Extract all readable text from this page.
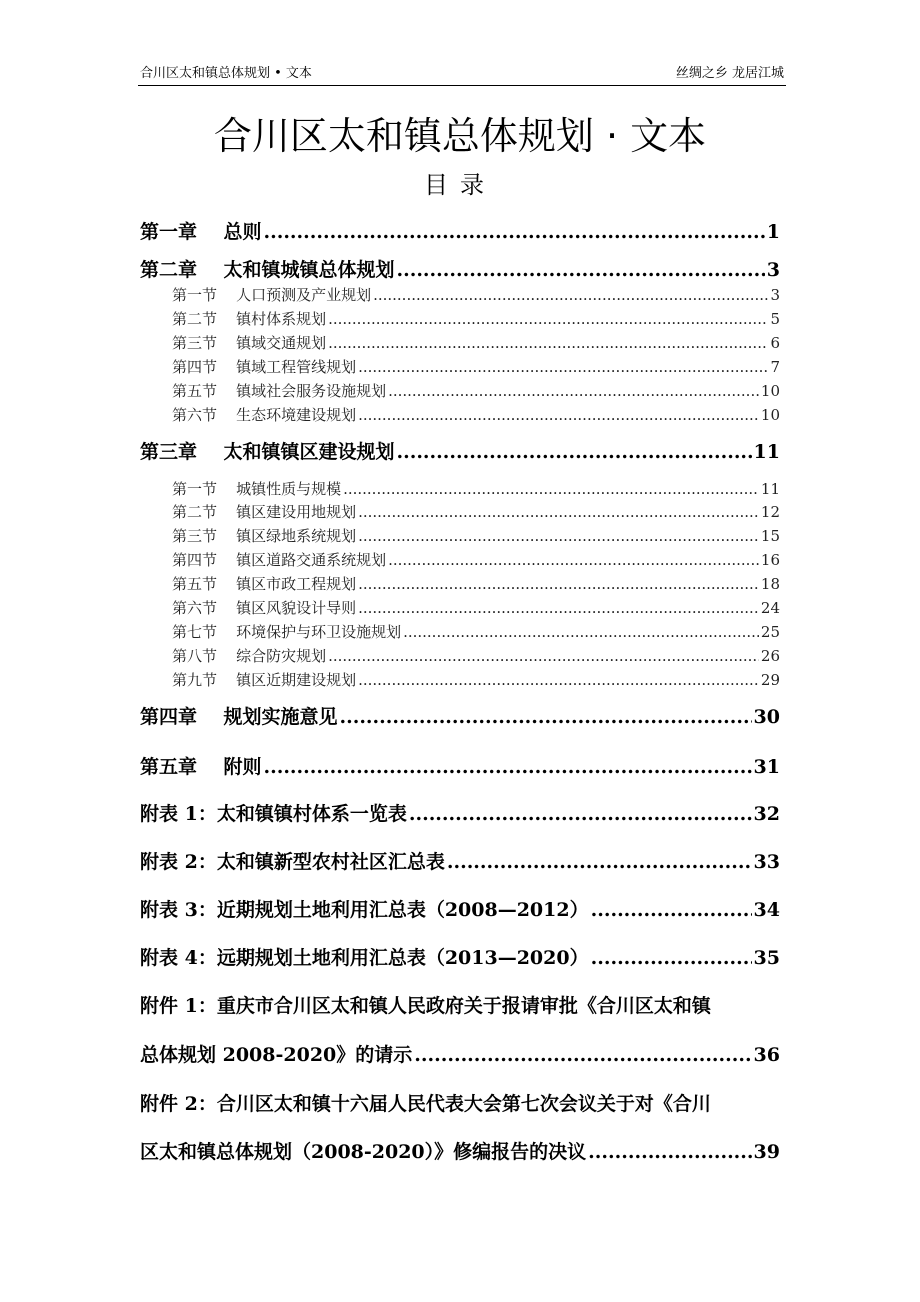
合川区太和镇总体规划 • 文本	丝绸之乡 龙居江城
合川区太和镇总体规划 · 文本
目录
第一章    总则 .....	1
第二章    太和镇城镇总体规划 .....	3
第一节    人口预测及产业规划 .....	3
第二节    镇村体系规划 .....	5
第三节    镇域交通规划 .....	6
第四节    镇域工程管线规划 .....	7
第五节    镇域社会服务设施规划 .....	10
第六节    生态环境建设规划 .....	10
第三章    太和镇镇区建设规划 .....	11
第一节    城镇性质与规模 .....	11
第二节    镇区建设用地规划 .....	12
第三节    镇区绿地系统规划 .....	15
第四节    镇区道路交通系统规划 .....	16
第五节    镇区市政工程规划 .....	18
第六节    镇区风貌设计导则 .....	24
第七节    环境保护与环卫设施规划 .....	25
第八节    综合防灾规划 .....	26
第九节    镇区近期建设规划 .....	29
第四章    规划实施意见 .....	30
第五章    附则 .....	31
附表 1：太和镇镇村体系一览表 .....	32
附表 2：太和镇新型农村社区汇总表 .....	33
附表 3：近期规划土地利用汇总表（2008—2012） .....	34
附表 4：远期规划土地利用汇总表（2013—2020） .....	35
附件 1：重庆市合川区太和镇人民政府关于报请审批《合川区太和镇
总体规划 2008-2020》的请示 .....	36
附件 2：合川区太和镇十六届人民代表大会第七次会议关于对《合川
区太和镇总体规划（2008-2020）》修编报告的决议 .....	39
